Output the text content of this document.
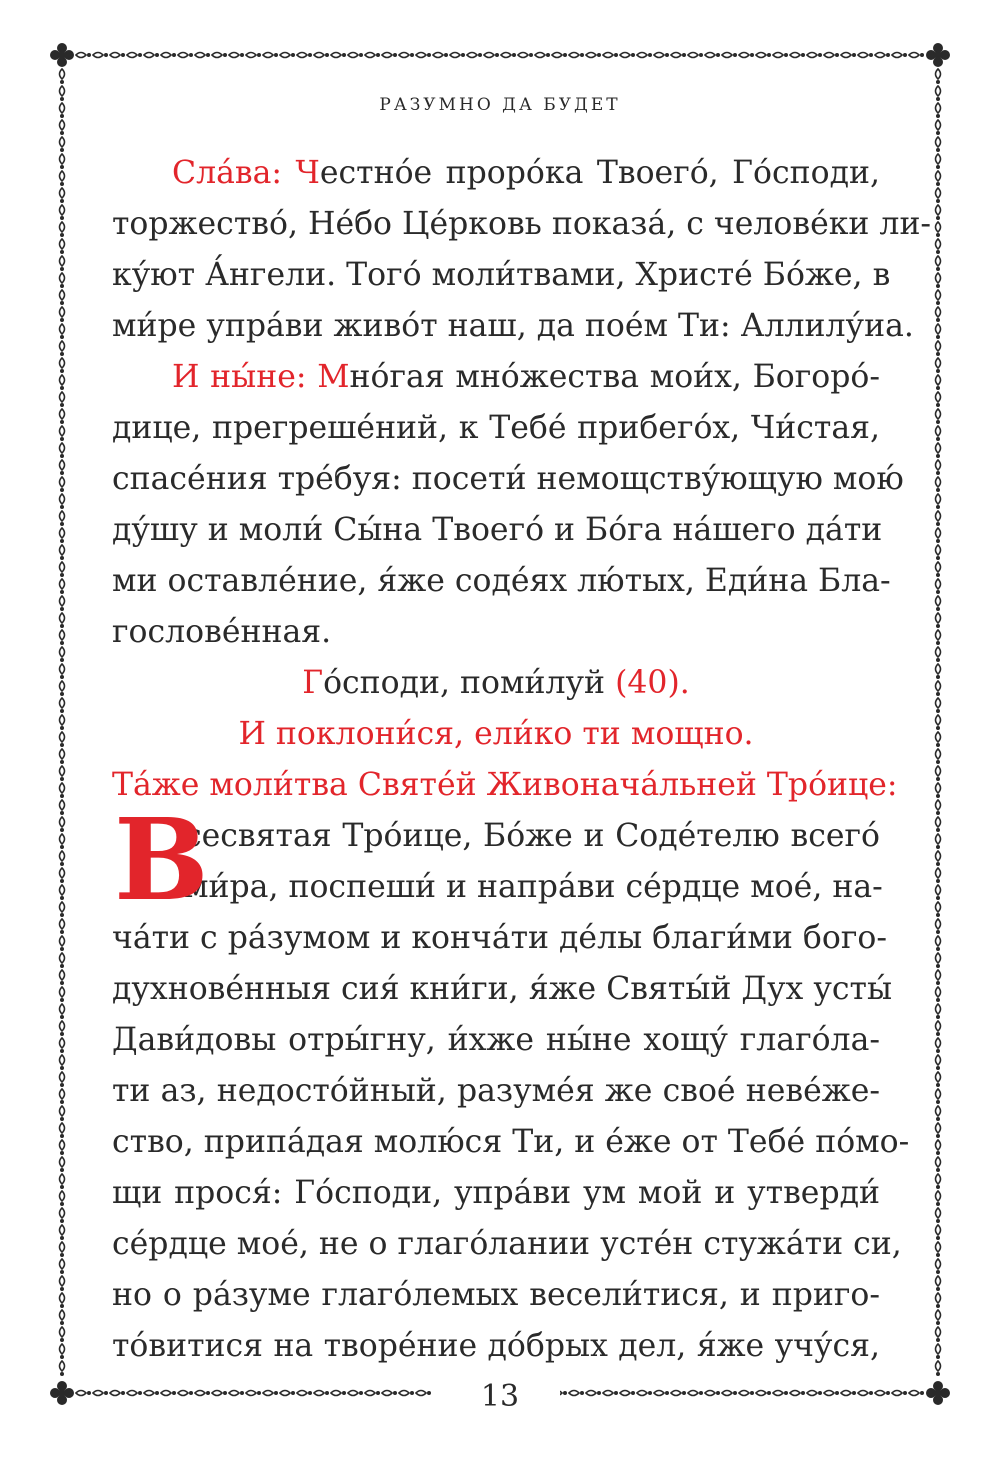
РАЗУМНО ДА БУДЕТ
Сла́ва: Честно́е проро́ка Твоего́, Го́споди,
торжество́, Не́бо Це́рковь показа́, с челове́ки ли-
ку́ют А́нгели. Того́ моли́твами, Христе́ Бо́же, в
ми́ре упра́ви живо́т наш, да пое́м Ти: Аллилу́иа.
И ны́не: Мно́гая мно́жества мои́х, Богоро́-
дице, прегреше́ний, к Тебе́ прибего́х, Чи́стая,
спасе́ния тре́буя: посети́ немощству́ющую мою́
ду́шу и моли́ Сы́на Твоего́ и Бо́га на́шего да́ти
ми оставле́ние, я́же соде́ях лю́тых, Еди́на Бла-
гослове́нная.
Го́споди, поми́луй (40).
И поклони́ся, ели́ко ти мощно.
Та́же моли́тва Святе́й Живонача́льней Тро́ице:
В
сесвятая Тро́ице, Бо́же и Соде́телю всего́
ми́ра, поспеши́ и напра́ви се́рдце мое́, на-
ча́ти с ра́зумом и конча́ти де́лы благи́ми бого-
духнове́нныя сия́ кни́ги, я́же Святы́й Дух усты́
Дави́довы отры́гну, и́хже ны́не хощу́ глаго́ла-
ти аз, недосто́йный, разуме́я же свое́ неве́же-
ство, припа́дая молю́ся Ти, и е́же от Тебе́ по́мо-
щи прося́: Го́споди, упра́ви ум мой и утверди́
се́рдце мое́, не о глаго́лании усте́н стужа́ти си,
но о ра́зуме глаго́лемых весели́тися, и приго-
то́витися на творе́ние до́брых дел, я́же учу́ся,
13
